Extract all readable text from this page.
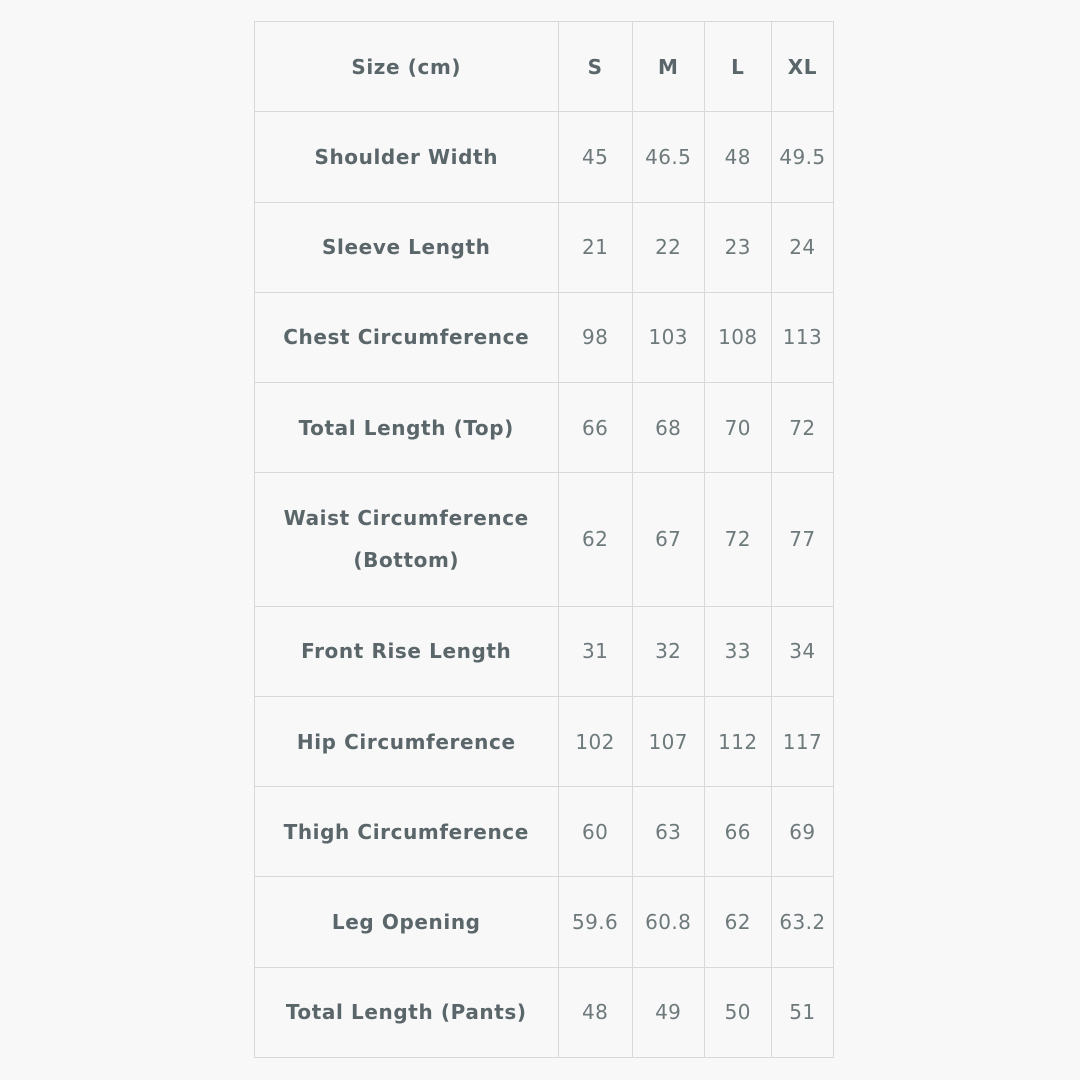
Size (cm)	S	M	L	XL
Shoulder Width	45	46.5	48	49.5
Sleeve Length	21	22	23	24
Chest Circumference	98	103	108	113
Total Length (Top)	66	68	70	72
Waist Circumference (Bottom)	62	67	72	77
Front Rise Length	31	32	33	34
Hip Circumference	102	107	112	117
Thigh Circumference	60	63	66	69
Leg Opening	59.6	60.8	62	63.2
Total Length (Pants)	48	49	50	51
